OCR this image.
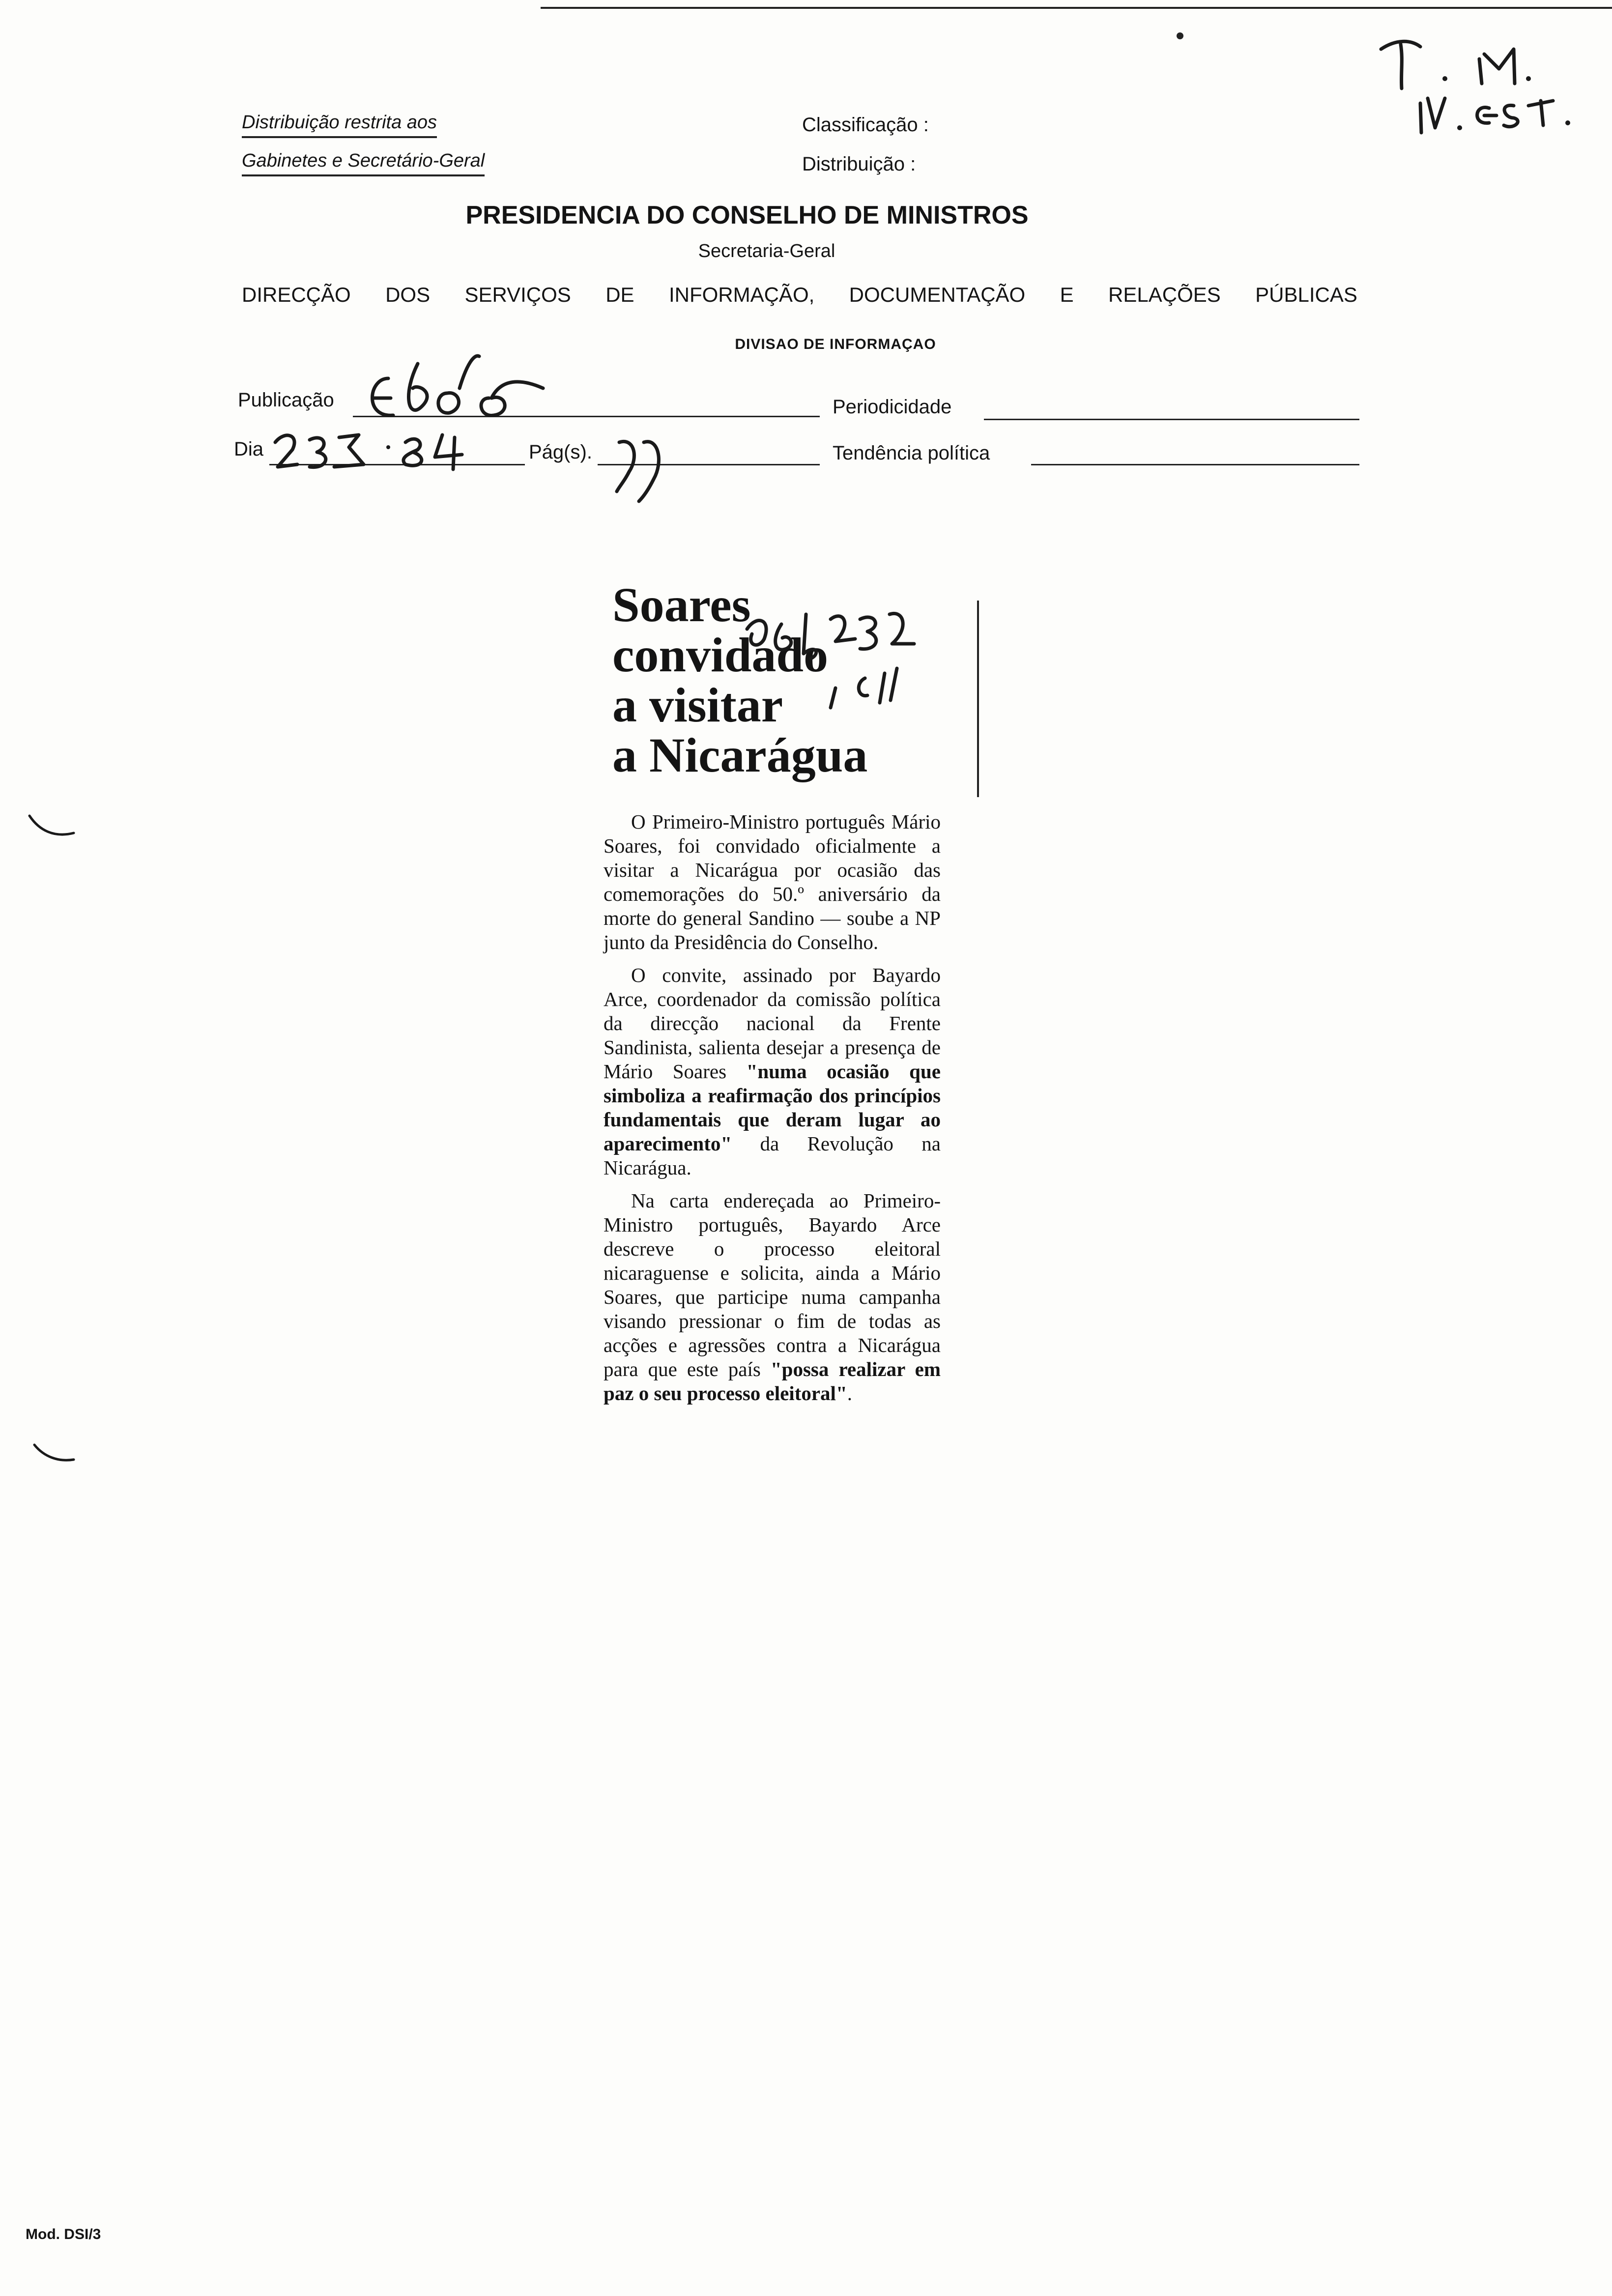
Distribuição restrita aos
Gabinetes e Secretário-Geral
Classificação :
Distribuição :
PRESIDENCIA DO CONSELHO DE MINISTROS
Secretaria-Geral
DIRECÇÃO DOS SERVIÇOS DE INFORMAÇÃO, DOCUMENTAÇÃO E RELAÇÕES PÚBLICAS
DIVISAO DE INFORMAÇAO
Publicação	Periodicidade
Dia	Pág(s).	Tendência política
Soares
convidado
a visitar
a Nicarágua

O Primeiro-Ministro português Mário Soares, foi convidado oficialmente a visitar a Nicarágua por ocasião das comemorações do 50.º aniversário da morte do general Sandino — soube a NP junto da Presidência do Conselho.

O convite, assinado por Bayardo Arce, coordenador da comissão política da direcção nacional da Frente Sandinista, salienta desejar a presença de Mário Soares "numa ocasião que simboliza a reafirmação dos princípios fundamentais que deram lugar ao aparecimento" da Revolução na Nicarágua.

Na carta endereçada ao Primeiro-Ministro português, Bayardo Arce descreve o processo eleitoral nicaraguense e solicita, ainda a Mário Soares, que participe numa campanha visando pressionar o fim de todas as acções e agressões contra a Nicarágua para que este país "possa realizar em paz o seu processo eleitoral".

Mod. DSI/3
